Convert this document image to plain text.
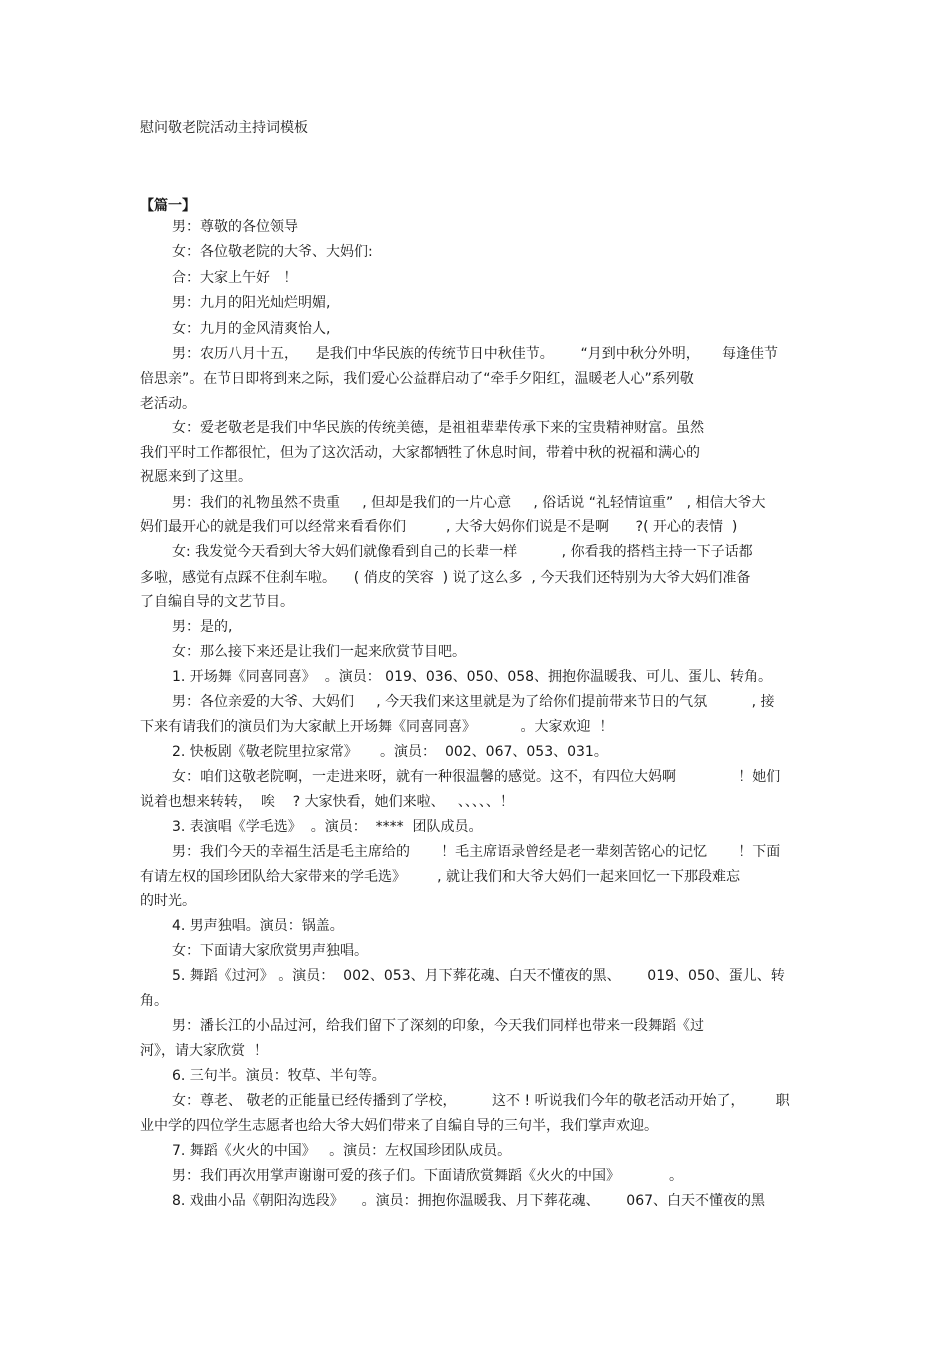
慰问敬老院活动主持词模板
【篇一】
男：尊敬的各位领导
女：各位敬老院的大爷、大妈们:
合：大家上午好   ！
男：九月的阳光灿烂明媚,
女：九月的金风清爽怡人,
男：农历八月十五，    是我们中华民族的传统节日中秋佳节。      “月到中秋分外明，     每逢佳节
倍思亲”。在节日即将到来之际，我们爱心公益群启动了“牵手夕阳红，温暖老人心”系列敬
老活动。
女：爱老敬老是我们中华民族的传统美德，是祖祖辈辈传承下来的宝贵精神财富。虽然
我们平时工作都很忙，但为了这次活动，大家都牺牲了休息时间，带着中秋的祝福和满心的
祝愿来到了这里。
男：我们的礼物虽然不贵重     , 但却是我们的一片心意     , 俗话说 “礼轻情谊重”   , 相信大爷大
妈们最开心的就是我们可以经常来看看你们         , 大爷大妈你们说是不是啊      ?( 开心的表情  )
女: 我发觉今天看到大爷大妈们就像看到自己的长辈一样          , 你看我的搭档主持一下子话都
多啦，感觉有点踩不住刹车啦。    ( 俏皮的笑容  ) 说了这么多  , 今天我们还特别为大爷大妈们准备
了自编自导的文艺节目。
男：是的,
女：那么接下来还是让我们一起来欣赏节目吧。
1. 开场舞《同喜同喜》  。演员： 019、036、050、058、拥抱你温暖我、可儿、蛋儿、转角。
男：各位亲爱的大爷、大妈们     , 今天我们来这里就是为了给你们提前带来节日的气氛          , 接
下来有请我们的演员们为大家献上开场舞《同喜同喜》          。大家欢迎  ！
2. 快板剧《敬老院里拉家常》     。演员：  002、067、053、031。
女：咱们这敬老院啊，一走进来呀，就有一种很温馨的感觉。这不，有四位大妈啊              ！她们
说着也想来转转，  唉    ? 大家快看，她们来啦、   、、、、、！
3. 表演唱《学毛选》  。演员：  ****  团队成员。
男：我们今天的幸福生活是毛主席给的       ！毛主席语录曾经是老一辈刻苦铭心的记忆       ！下面
有请左权的国珍团队给大家带来的学毛选》       , 就让我们和大爷大妈们一起来回忆一下那段难忘
的时光。
4. 男声独唱。演员：锅盖。
女：下面请大家欣赏男声独唱。
5. 舞蹈《过河》 。演员：  002、053、月下葬花魂、白天不懂夜的黑、      019、050、蛋儿、转
角。
男：潘长江的小品过河，给我们留下了深刻的印象，今天我们同样也带来一段舞蹈《过
河》，请大家欣赏  ！
6. 三句半。演员：牧草、半句等。
女：尊老、 敬老的正能量已经传播到了学校，        这不 ! 听说我们今年的敬老活动开始了，       职
业中学的四位学生志愿者也给大爷大妈们带来了自编自导的三句半，我们掌声欢迎。
7. 舞蹈《火火的中国》   。演员：左权国珍团队成员。
男：我们再次用掌声谢谢可爱的孩子们。下面请欣赏舞蹈《火火的中国》           。
8. 戏曲小品《朝阳沟选段》    。演员：拥抱你温暖我、月下葬花魂、      067、白天不懂夜的黑
